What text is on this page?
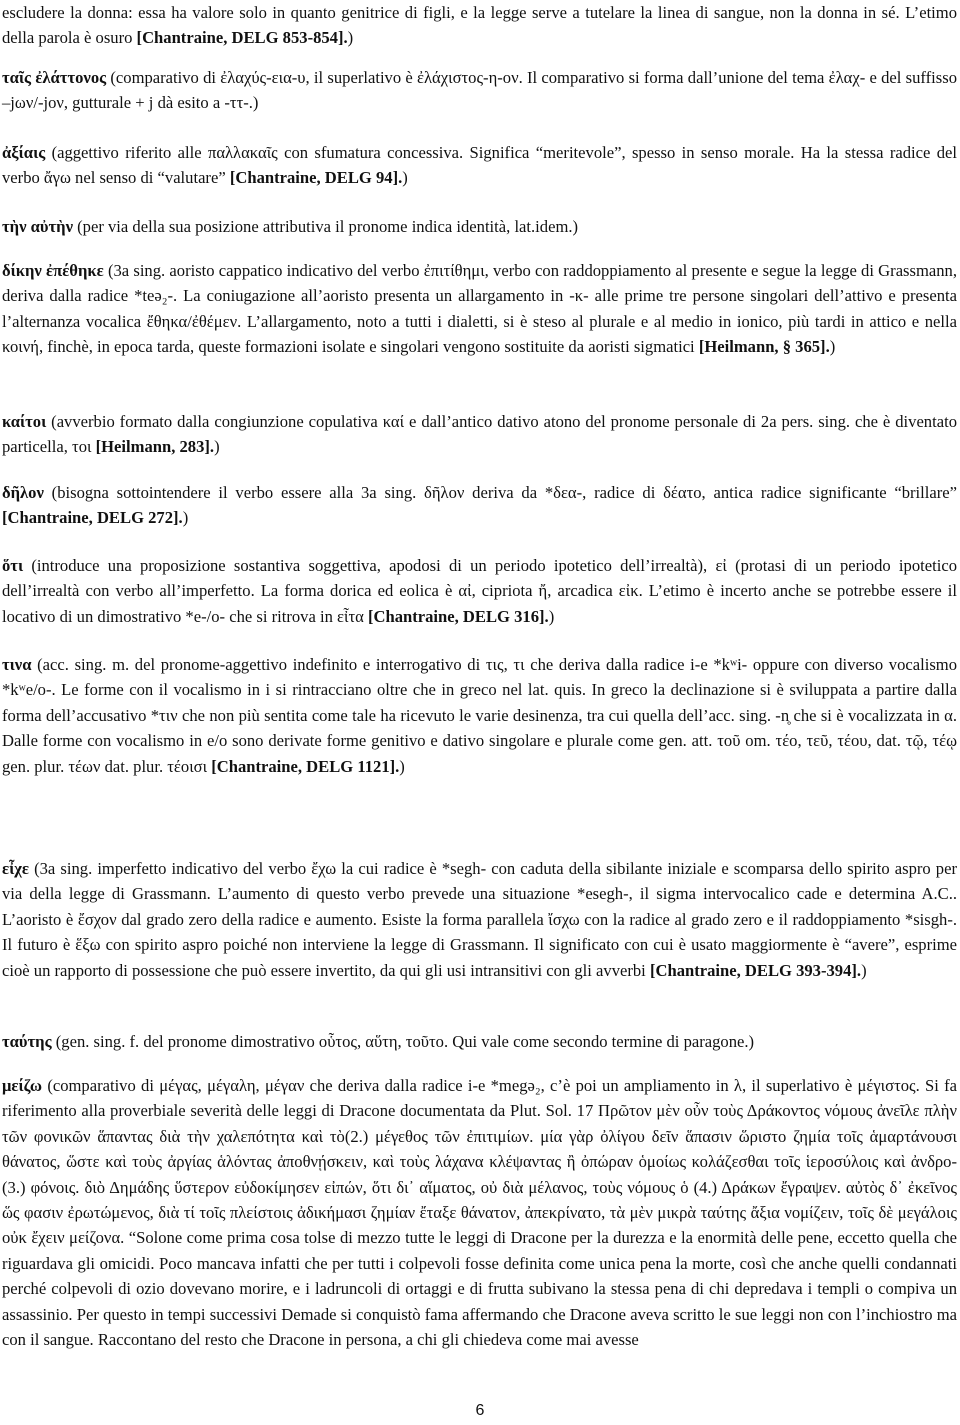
escludere la donna: essa ha valore solo in quanto genitrice di figli, e la legge serve a tutelare la linea di sangue, non la donna in sé. L’etimo della parola è osuro [Chantraine, DELG 853-854].)
ταῖς ἐλάττονος (comparativo di ἐλαχύς-εια-υ, il superlativo è ἐλάχιστος-η-ον. Il comparativo si forma dall’unione del tema ἐλαχ- e del suffisso –jων/-jον, gutturale + j dà esito a -ττ-.)
ἀξίαις (aggettivo riferito alle παλλακαῖς con sfumatura concessiva. Significa “meritevole”, spesso in senso morale. Ha la stessa radice del verbo ἄγω nel senso di “valutare” [Chantraine, DELG 94].)
τὴν αὐτὴν (per via della sua posizione attributiva il pronome indica identità, lat.idem.)
δίκην ἐπέθηκε (3a sing. aoristo cappatico indicativo del verbo ἐπιτίθημι, verbo con raddoppiamento al presente e segue la legge di Grassmann, deriva dalla radice *teə₂-. La coniugazione all’aoristo presenta un allargamento in -κ- alle prime tre persone singolari dell’attivo e presenta l’alternanza vocalica ἔθηκα/ἐθέμεν. L’allargamento, noto a tutti i dialetti, si è steso al plurale e al medio in ionico, più tardi in attico e nella κοινή, finchè, in epoca tarda, queste formazioni isolate e singolari vengono sostituite da aoristi sigmatici [Heilmann, § 365].)
καίτοι (avverbio formato dalla congiunzione copulativa καί e dall’antico dativo atono del pronome personale di 2a pers. sing. che è diventato particella, τοι [Heilmann, 283].)
δῆλον (bisogna sottointendere il verbo essere alla 3a sing. δῆλον deriva da *δεα-, radice di δέατο, antica radice significante “brillare” [Chantraine, DELG 272].)
ὅτι (introduce una proposizione sostantiva soggettiva, apodosi di un periodo ipotetico dell’irrealtà), εἰ (protasi di un periodo ipotetico dell’irrealtà con verbo all’imperfetto. La forma dorica ed eolica è αἰ, cipriota ἤ, arcadica εἰκ. L’etimo è incerto anche se potrebbe essere il locativo di un dimostrativo *e-/o- che si ritrova in εἶτα [Chantraine, DELG 316].)
τινα (acc. sing. m. del pronome-aggettivo indefinito e interrogativo di τις, τι che deriva dalla radice i-e *kʷi- oppure con diverso vocalismo *kʷe/o-. Le forme con il vocalismo in i si rintracciano oltre che in greco nel lat. quis. In greco la declinazione si è sviluppata a partire dalla forma dell’accusativo *τιν che non più sentita come tale ha ricevuto le varie desinenza, tra cui quella dell’acc. sing. -n̥ che si è vocalizzata in α. Dalle forme con vocalismo in e/o sono derivate forme genitivo e dativo singolare e plurale come gen. att. τοῦ om. τέο, τεῦ, τέου, dat. τῷ, τέῳ gen. plur. τέων dat. plur. τέοισι [Chantraine, DELG 1121].)
εἶχε (3a sing. imperfetto indicativo del verbo ἔχω la cui radice è *segh- con caduta della sibilante iniziale e scomparsa dello spirito aspro per via della legge di Grassmann. L’aumento di questo verbo prevede una situazione *esegh-, il sigma intervocalico cade e determina A.C.. L’aoristo è ἔσχον dal grado zero della radice e aumento. Esiste la forma parallela ἴσχω con la radice al grado zero e il raddoppiamento *sisgh-. Il futuro è ἕξω con spirito aspro poiché non interviene la legge di Grassmann. Il significato con cui è usato maggiormente è “avere”, esprime cioè un rapporto di possessione che può essere invertito, da qui gli usi intransitivi con gli avverbi [Chantraine, DELG 393-394].)
ταύτης (gen. sing. f. del pronome dimostrativo οὗτος, αὕτη, τοῦτο. Qui vale come secondo termine di paragone.)
μείζω (comparativo di μέγας, μέγαλη, μέγαν che deriva dalla radice i-e *megə₂, c’è poi un ampliamento in λ, il superlativo è μέγιστος. Si fa riferimento alla proverbiale severità delle leggi di Dracone documentata da Plut. Sol. 17 Πρῶτον μὲν οὖν τοὺς Δράκοντος νόμους ἀνεῖλε πλὴν τῶν φονικῶν ἅπαντας διὰ τὴν χαλεπότητα καὶ τὸ(2.) μέγεθος τῶν ἐπιτιμίων. μία γὰρ ὀλίγου δεῖν ἅπασιν ὥριστο ζημία τοῖς ἁμαρτάνουσι θάνατος, ὥστε καὶ τοὺς ἀργίας ἁλόντας ἀποθνῄσκειν, καὶ τοὺς λάχανα κλέψαντας ἢ ὀπώραν ὁμοίως κολάζεσθαι τοῖς ἱεροσύλοις καὶ ἀνδρο- (3.) φόνοις. διὸ Δημάδης ὕστερον εὐδοκίμησεν εἰπών, ὅτι δι᾽ αἵματος, οὐ διὰ μέλανος, τοὺς νόμους ὁ (4.) Δράκων ἔγραψεν. αὐτὸς δ᾽ ἐκεῖνος ὥς φασιν ἐρωτώμενος, διὰ τί τοῖς πλείστοις ἀδικήμασι ζημίαν ἔταξε θάνατον, ἀπεκρίνατο, τὰ μὲν μικρὰ ταύτης ἄξια νομίζειν, τοῖς δὲ μεγάλοις οὐκ ἔχειν μείζονα. “Solone come prima cosa tolse di mezzo tutte le leggi di Dracone per la durezza e la enormità delle pene, eccetto quella che riguardava gli omicidi. Poco mancava infatti che per tutti i colpevoli fosse definita come unica pena la morte, così che anche quelli condannati perché colpevoli di ozio dovevano morire, e i ladruncoli di ortaggi e di frutta subivano la stessa pena di chi depredava i templi o compiva un assassinio. Per questo in tempi successivi Demade si conquistò fama affermando che Dracone aveva scritto le sue leggi non con l’inchiostro ma con il sangue. Raccontano del resto che Dracone in persona, a chi gli chiedeva come mai avesse
6
